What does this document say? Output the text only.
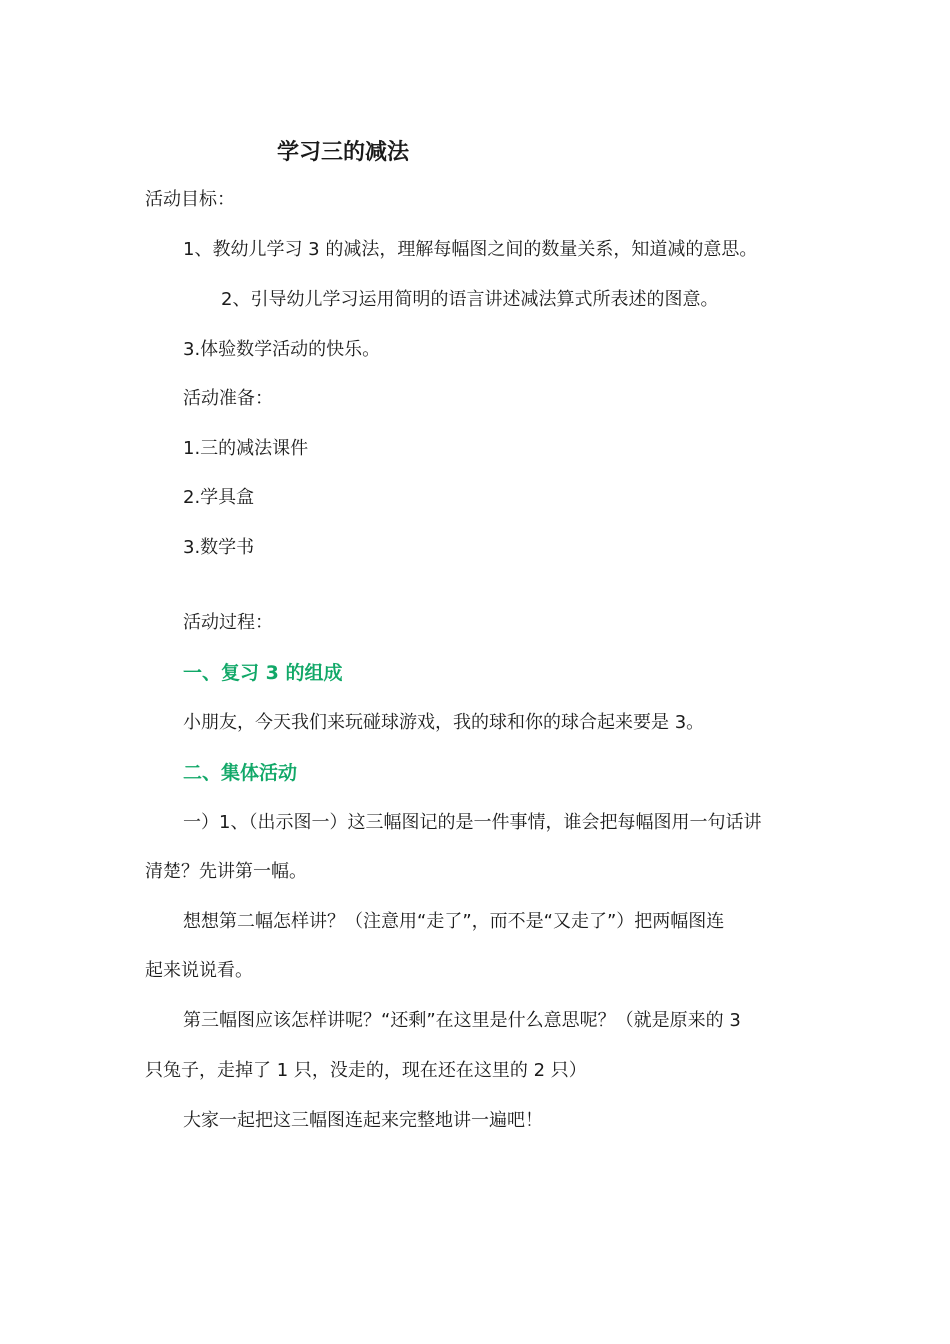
学习三的减法
活动目标：
1、教幼儿学习 3 的减法，理解每幅图之间的数量关系，知道减的意思。
2、引导幼儿学习运用简明的语言讲述减法算式所表述的图意。
3.体验数学活动的快乐。
活动准备：
1.三的减法课件
2.学具盒
3.数学书
活动过程：
一、复习 3 的组成
小朋友，今天我们来玩碰球游戏，我的球和你的球合起来要是 3。
二、集体活动
一）1、（出示图一）这三幅图记的是一件事情，谁会把每幅图用一句话讲
清楚？先讲第一幅。
想想第二幅怎样讲？（注意用“走了”，而不是“又走了”）把两幅图连
起来说说看。
第三幅图应该怎样讲呢？“还剩”在这里是什么意思呢？（就是原来的 3
只兔子，走掉了 1 只，没走的，现在还在这里的 2 只）
大家一起把这三幅图连起来完整地讲一遍吧！
